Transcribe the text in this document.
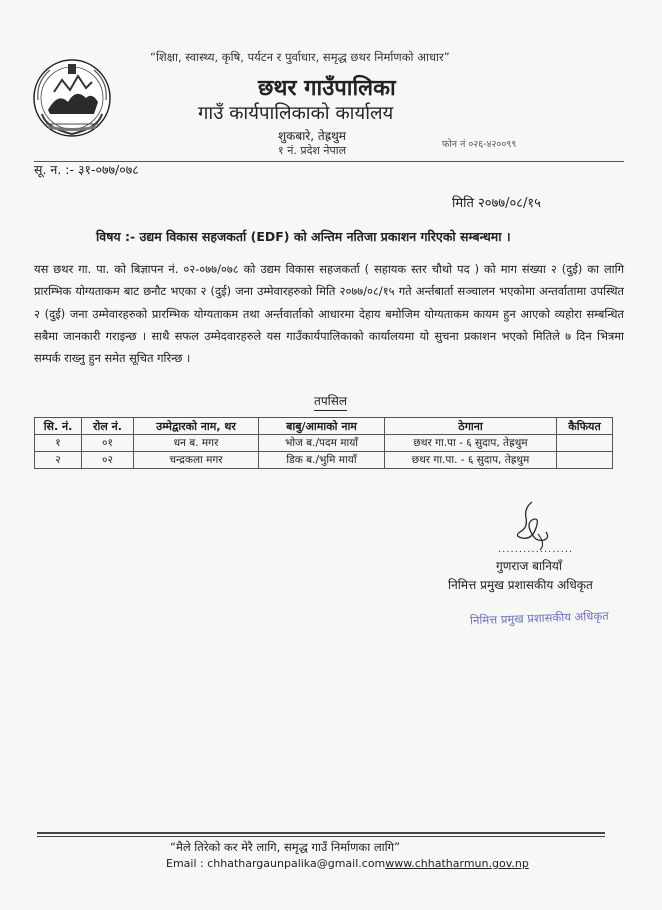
“शिक्षा, स्वास्थ्य, कृषि, पर्यटन र पुर्वाधार, समृद्ध छथर निर्माणको आधार”
छथर गाउँपालिका
गाउँ कार्यपालिकाको कार्यालय
शुकबारे, तेह्रथुम
१ नं. प्रदेश नेपाल	फोन नं ०२६-४२००९९
सू. न. :- ३१-०७७/०७८
मिति २०७७/०८/१५
विषय :- उद्यम विकास सहजकर्ता (EDF) को अन्तिम नतिजा प्रकाशन गरिएको सम्बन्धमा ।
यस छथर गा. पा. को बिज्ञापन नं. ०२-०७७/०७८ को उद्यम विकास सहजकर्ता ( सहायक स्तर चौथो पद ) को माग संख्या २ (दुई) का लागि प्रारम्भिक योग्यताकम बाट छनौट भएका २ (दुई) जना उम्मेवारहरुको मिति २०७७/०८/१५ गते अर्न्तबार्ता सञ्चालन भएकोमा अन्तर्वातामा उपस्थित २ (दुई) जना उम्मेवारहरुको प्रारम्भिक योग्यताकम तथा अर्न्तवार्ताको आधारमा देहाय बमोजिम योग्यताकम कायम हुन आएको व्यहोरा सम्बन्धित सबैमा जानकारी गराइन्छ । साथै सफल उम्मेदवारहरुले यस गाउँकार्यपालिकाको कार्यालयमा यो सुचना प्रकाशन भएको मितिले ७ दिन भित्रमा सम्पर्क राख्नु हुन समेत सूचित गरिन्छ ।
तपसिल
सि. नं.	रोल नं.	उम्मेद्वारको नाम, थर	बाबु/आमाको नाम	ठेगाना	कैफियत
१	०१	धन ब. मगर	भोज ब./पदम मायाँ	छथर गा.पा - ६ सुदाप, तेह्रथुम	
२	०२	चन्द्रकला मगर	डिक ब./भुमि मायाँ	छथर गा.पा. - ६ सुदाप, तेह्रथुम	
..................
गुणराज बानियाँ
निमित्त प्रमुख प्रशासकीय अधिकृत
निमित्त प्रमुख प्रशासकीय अधिकृत
“मैले तिरेको कर मेरै लागि, समृद्ध गाउँ निर्माणका लागि”
Email : chhathargaunpalika@gmail.comwww.chhatharmun.gov.np
